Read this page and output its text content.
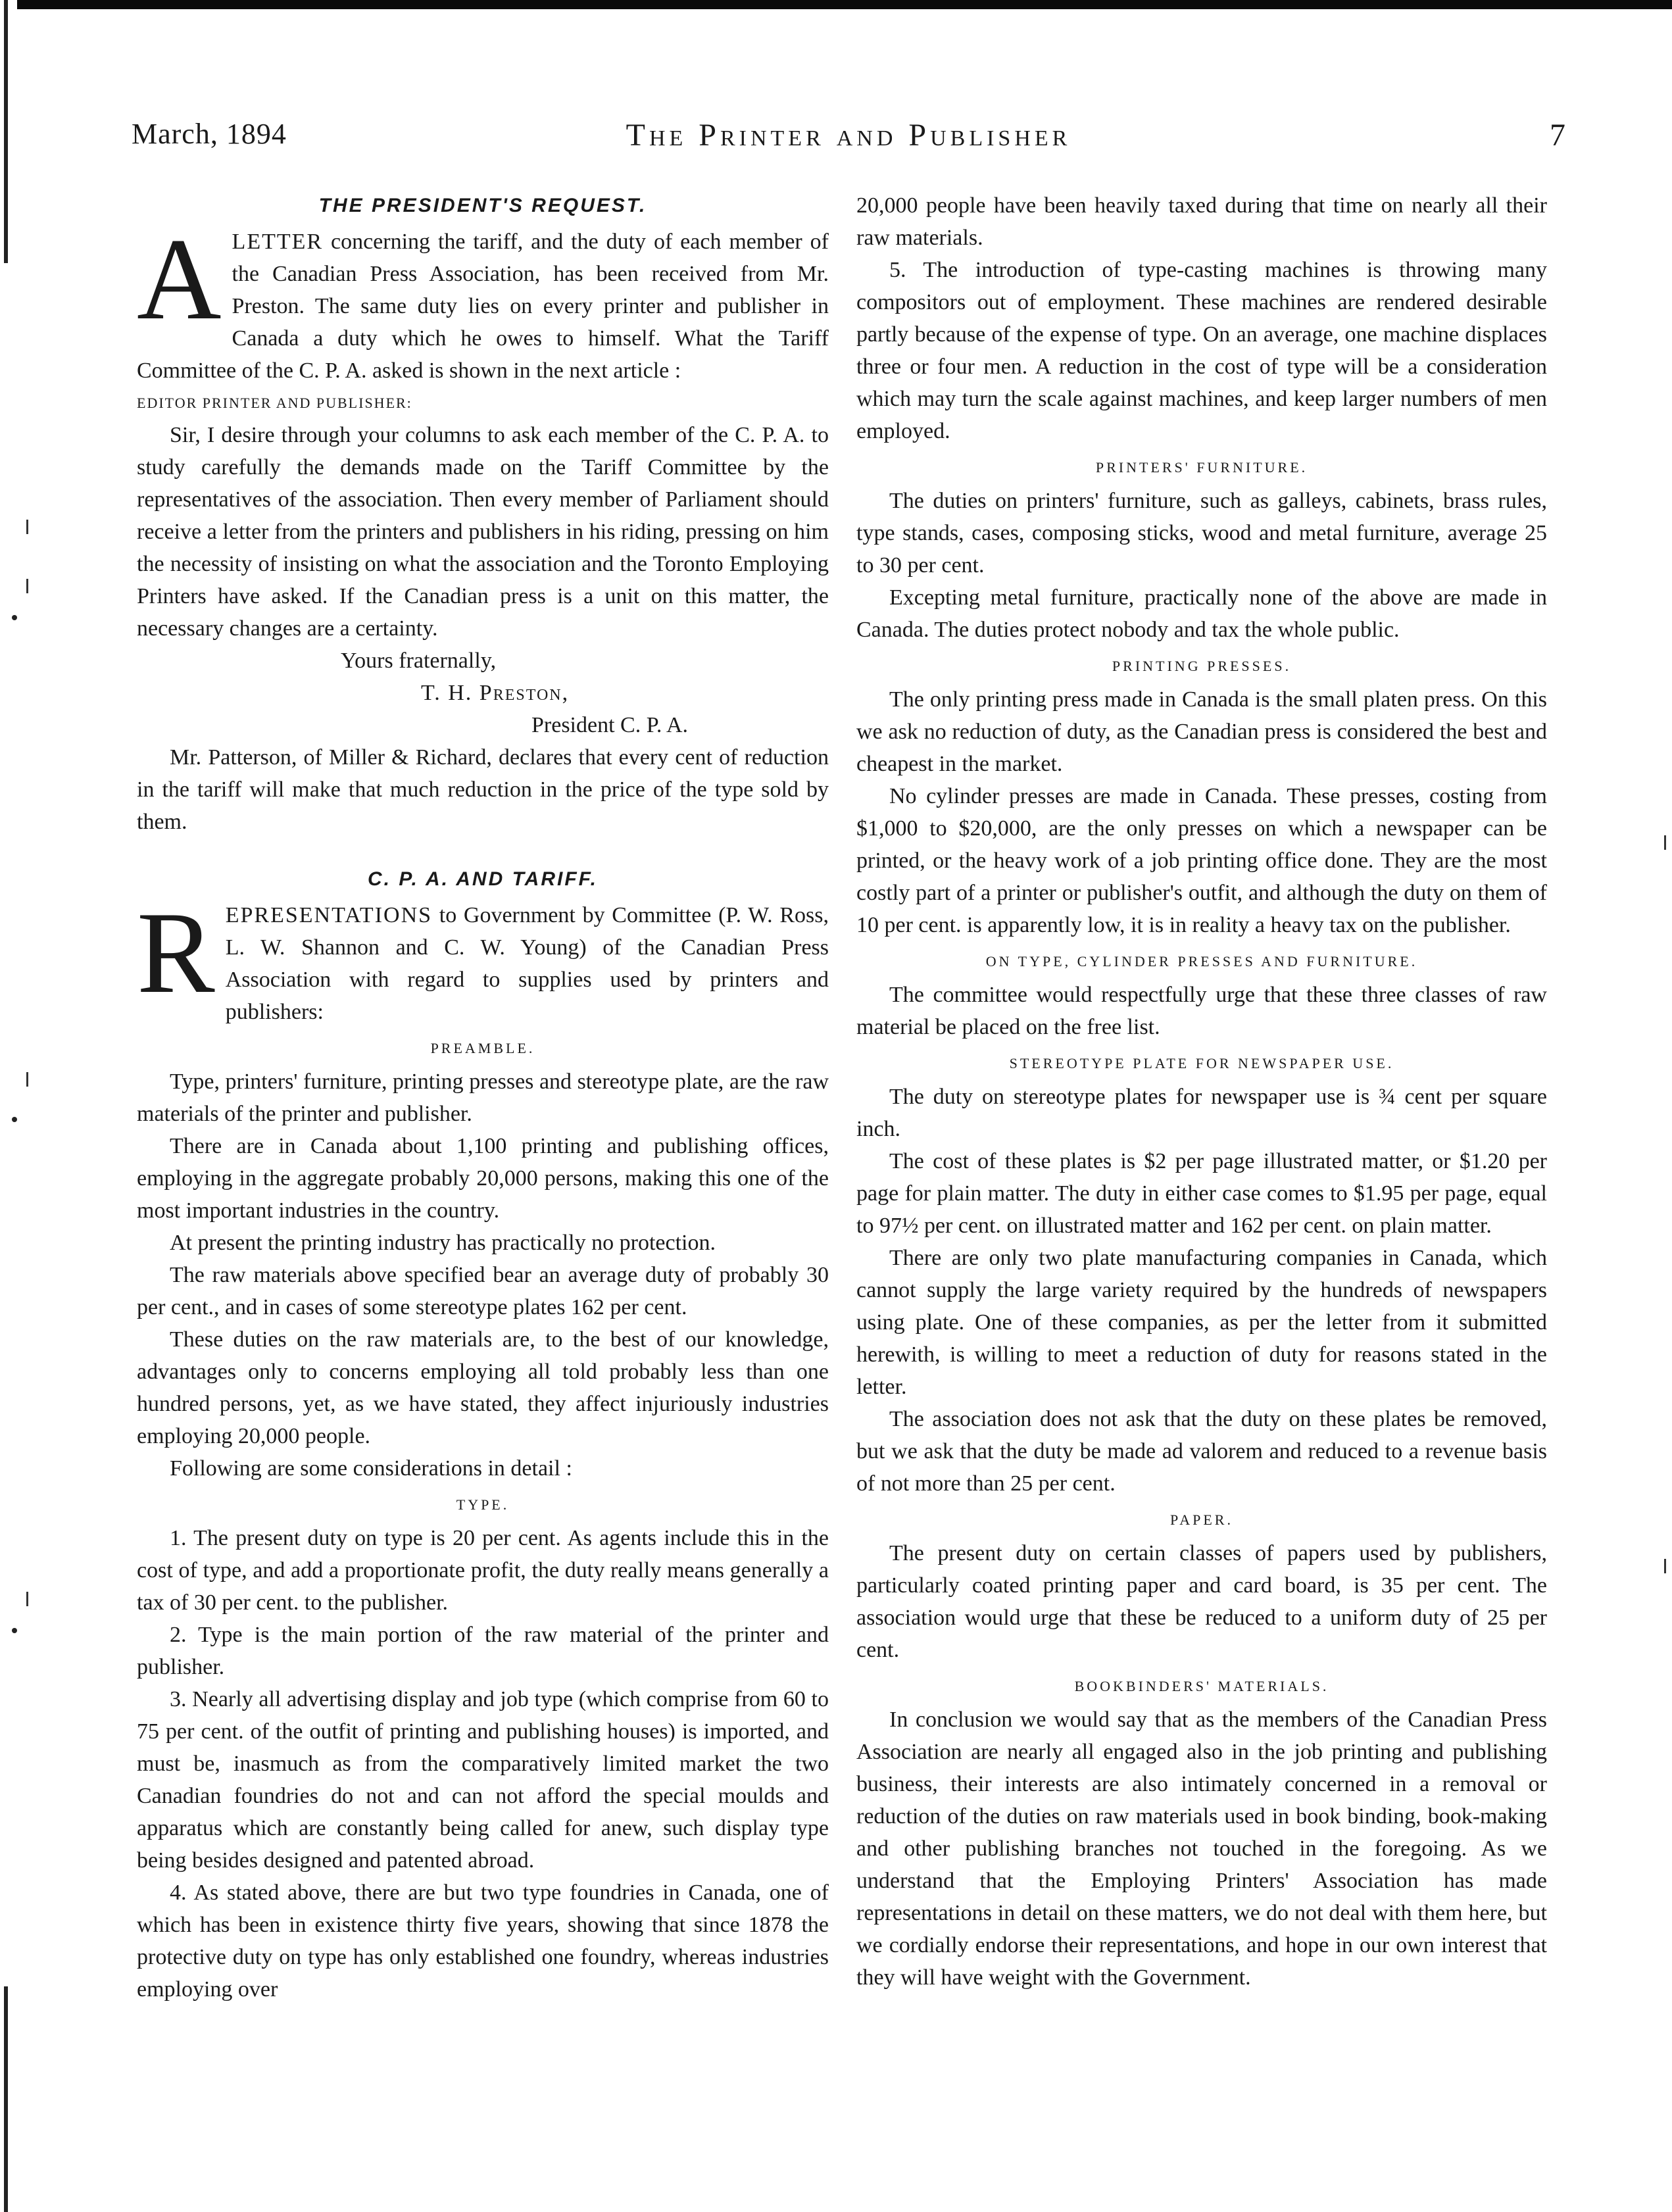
March, 1894	The Printer and Publisher	7
THE PRESIDENT'S REQUEST.

ALETTER concerning the tariff, and the duty of each member of the Canadian Press Association, has been received from Mr. Preston. The same duty lies on every printer and publisher in Canada a duty which he owes to himself. What the Tariff Committee of the C. P. A. asked is shown in the next article :

EDITOR PRINTER AND PUBLISHER:

Sir, I desire through your columns to ask each member of the C. P. A. to study carefully the demands made on the Tariff Committee by the representatives of the association. Then every member of Parliament should receive a letter from the printers and publishers in his riding, pressing on him the necessity of insisting on what the association and the Toronto Employing Printers have asked. If the Canadian press is a unit on this matter, the necessary changes are a certainty.

Yours fraternally,

T. H. Preston,

President C. P. A.

Mr. Patterson, of Miller & Richard, declares that every cent of reduction in the tariff will make that much reduction in the price of the type sold by them.

C. P. A. AND TARIFF.

REPRESENTATIONS to Government by Committee (P. W. Ross, L. W. Shannon and C. W. Young) of the Canadian Press Association with regard to supplies used by printers and publishers:

PREAMBLE.

Type, printers' furniture, printing presses and stereotype plate, are the raw materials of the printer and publisher.

There are in Canada about 1,100 printing and publishing offices, employing in the aggregate probably 20,000 persons, making this one of the most important industries in the country.

At present the printing industry has practically no protection.

The raw materials above specified bear an average duty of probably 30 per cent., and in cases of some stereotype plates 162 per cent.

These duties on the raw materials are, to the best of our knowledge, advantages only to concerns employing all told probably less than one hundred persons, yet, as we have stated, they affect injuriously industries employing 20,000 people.

Following are some considerations in detail :

TYPE.

1. The present duty on type is 20 per cent. As agents include this in the cost of type, and add a proportionate profit, the duty really means generally a tax of 30 per cent. to the publisher.

2. Type is the main portion of the raw material of the printer and publisher.

3. Nearly all advertising display and job type (which comprise from 60 to 75 per cent. of the outfit of printing and publishing houses) is imported, and must be, inasmuch as from the comparatively limited market the two Canadian foundries do not and can not afford the special moulds and apparatus which are constantly being called for anew, such display type being besides designed and patented abroad.

4. As stated above, there are but two type foundries in Canada, one of which has been in existence thirty five years, showing that since 1878 the protective duty on type has only established one foundry, whereas industries employing over

20,000 people have been heavily taxed during that time on nearly all their raw materials.

5. The introduction of type-casting machines is throwing many compositors out of employment. These machines are rendered desirable partly because of the expense of type. On an average, one machine displaces three or four men. A reduction in the cost of type will be a consideration which may turn the scale against machines, and keep larger numbers of men employed.

PRINTERS' FURNITURE.

The duties on printers' furniture, such as galleys, cabinets, brass rules, type stands, cases, composing sticks, wood and metal furniture, average 25 to 30 per cent.

Excepting metal furniture, practically none of the above are made in Canada. The duties protect nobody and tax the whole public.

PRINTING PRESSES.

The only printing press made in Canada is the small platen press. On this we ask no reduction of duty, as the Canadian press is considered the best and cheapest in the market.

No cylinder presses are made in Canada. These presses, costing from $1,000 to $20,000, are the only presses on which a newspaper can be printed, or the heavy work of a job printing office done. They are the most costly part of a printer or publisher's outfit, and although the duty on them of 10 per cent. is apparently low, it is in reality a heavy tax on the publisher.

ON TYPE, CYLINDER PRESSES AND FURNITURE.

The committee would respectfully urge that these three classes of raw material be placed on the free list.

STEREOTYPE PLATE FOR NEWSPAPER USE.

The duty on stereotype plates for newspaper use is ¾ cent per square inch.

The cost of these plates is $2 per page illustrated matter, or $1.20 per page for plain matter. The duty in either case comes to $1.95 per page, equal to 97½ per cent. on illustrated matter and 162 per cent. on plain matter.

There are only two plate manufacturing companies in Canada, which cannot supply the large variety required by the hundreds of newspapers using plate. One of these companies, as per the letter from it submitted herewith, is willing to meet a reduction of duty for reasons stated in the letter.

The association does not ask that the duty on these plates be removed, but we ask that the duty be made ad valorem and reduced to a revenue basis of not more than 25 per cent.

PAPER.

The present duty on certain classes of papers used by publishers, particularly coated printing paper and card board, is 35 per cent. The association would urge that these be reduced to a uniform duty of 25 per cent.

BOOKBINDERS' MATERIALS.

In conclusion we would say that as the members of the Canadian Press Association are nearly all engaged also in the job printing and publishing business, their interests are also intimately concerned in a removal or reduction of the duties on raw materials used in book binding, book-making and other publishing branches not touched in the foregoing. As we understand that the Employing Printers' Association has made representations in detail on these matters, we do not deal with them here, but we cordially endorse their representations, and hope in our own interest that they will have weight with the Government.
